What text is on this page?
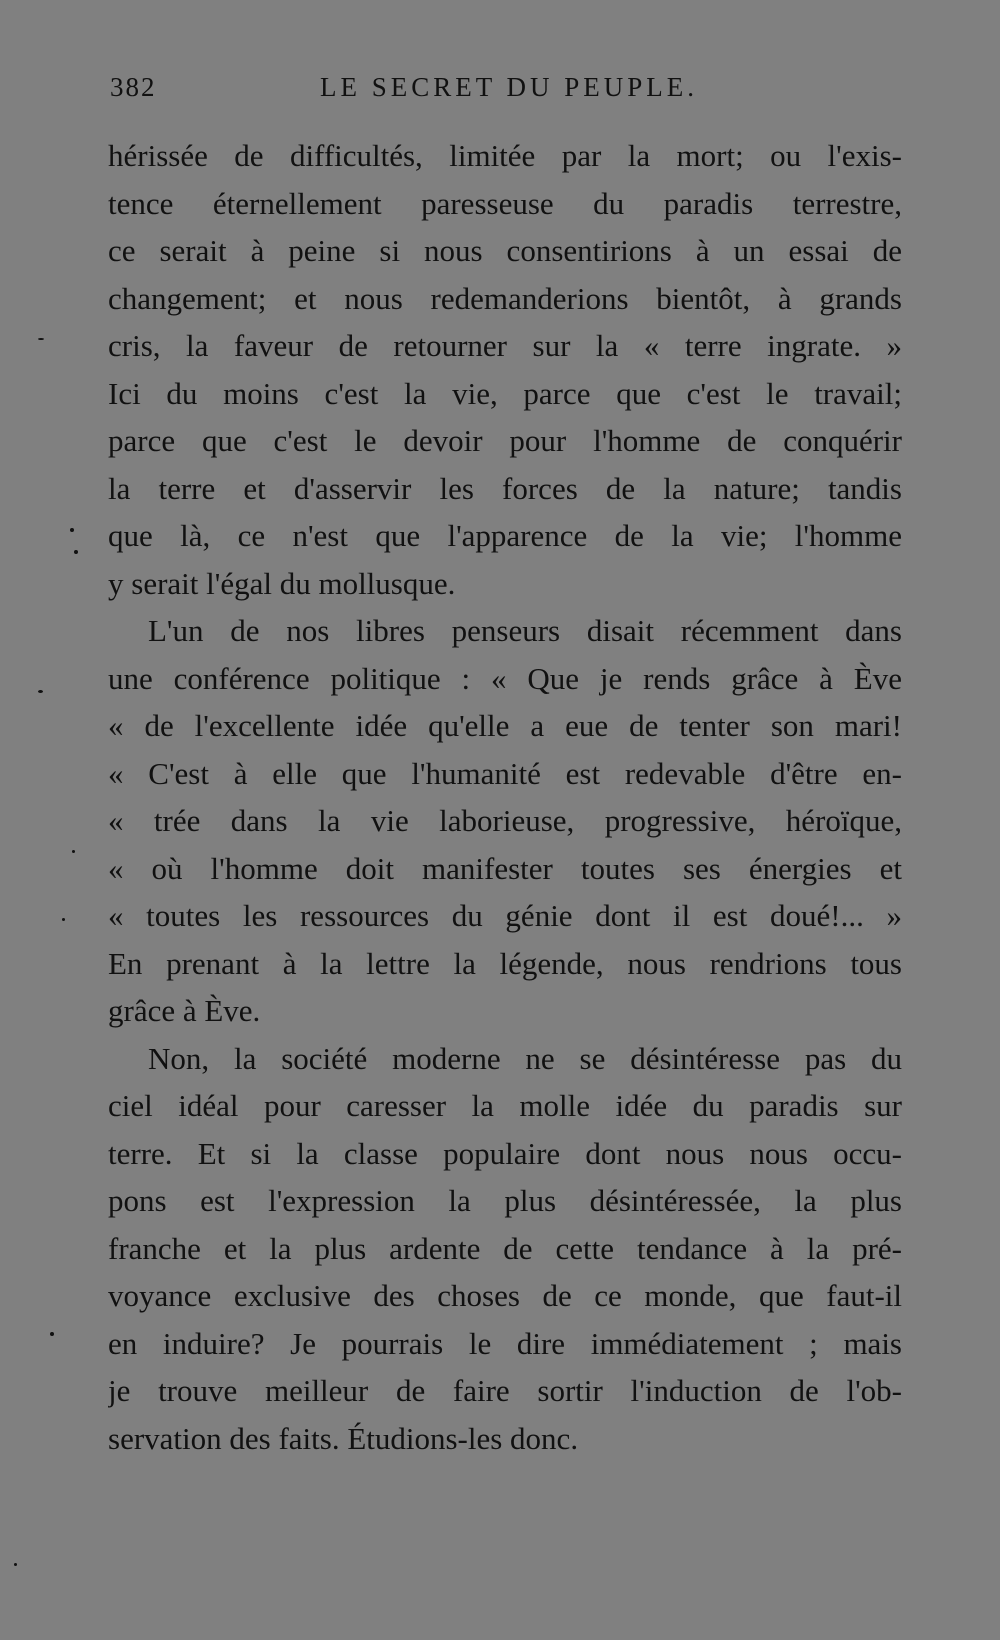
382	LE SECRET DU PEUPLE.
hérissée de difficultés, limitée par la mort; ou l'exis-
tence éternellement paresseuse du paradis terrestre,
ce serait à peine si nous consentirions à un essai de
changement; et nous redemanderions bientôt, à grands
cris, la faveur de retourner sur la « terre ingrate. »
Ici du moins c'est la vie, parce que c'est le travail;
parce que c'est le devoir pour l'homme de conquérir
la terre et d'asservir les forces de la nature; tandis
que là, ce n'est que l'apparence de la vie; l'homme
y serait l'égal du mollusque.
L'un de nos libres penseurs disait récemment dans
une conférence politique : « Que je rends grâce à Ève
« de l'excellente idée qu'elle a eue de tenter son mari!
« C'est à elle que l'humanité est redevable d'être en-
« trée dans la vie laborieuse, progressive, héroïque,
« où l'homme doit manifester toutes ses énergies et
« toutes les ressources du génie dont il est doué!... »
En prenant à la lettre la légende, nous rendrions tous
grâce à Ève.
Non, la société moderne ne se désintéresse pas du
ciel idéal pour caresser la molle idée du paradis sur
terre. Et si la classe populaire dont nous nous occu-
pons est l'expression la plus désintéressée, la plus
franche et la plus ardente de cette tendance à la pré-
voyance exclusive des choses de ce monde, que faut-il
en induire? Je pourrais le dire immédiatement ; mais
je trouve meilleur de faire sortir l'induction de l'ob-
servation des faits. Étudions-les donc.
